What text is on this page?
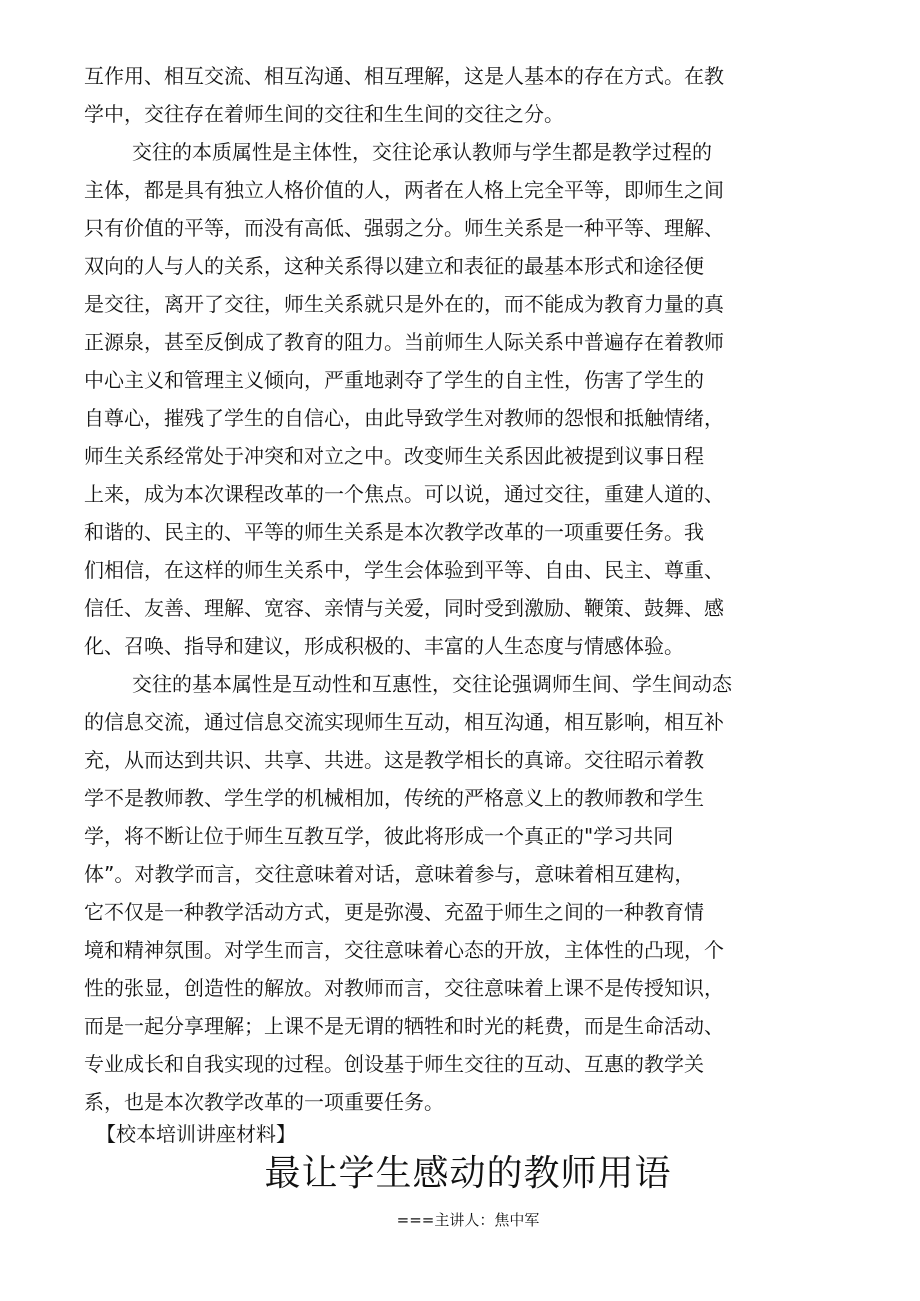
互作用、相互交流、相互沟通、相互理解，这是人基本的存在方式。在教
学中，交往存在着师生间的交往和生生间的交往之分。
交往的本质属性是主体性，交往论承认教师与学生都是教学过程的
主体，都是具有独立人格价值的人，两者在人格上完全平等，即师生之间
只有价值的平等，而没有高低、强弱之分。师生关系是一种平等、理解、
双向的人与人的关系，这种关系得以建立和表征的最基本形式和途径便
是交往，离开了交往，师生关系就只是外在的，而不能成为教育力量的真
正源泉，甚至反倒成了教育的阻力。当前师生人际关系中普遍存在着教师
中心主义和管理主义倾向，严重地剥夺了学生的自主性，伤害了学生的
自尊心，摧残了学生的自信心，由此导致学生对教师的怨恨和抵触情绪，
师生关系经常处于冲突和对立之中。改变师生关系因此被提到议事日程
上来，成为本次课程改革的一个焦点。可以说，通过交往，重建人道的、
和谐的、民主的、平等的师生关系是本次教学改革的一项重要任务。我
们相信，在这样的师生关系中，学生会体验到平等、自由、民主、尊重、
信任、友善、理解、宽容、亲情与关爱，同时受到激励、鞭策、鼓舞、感
化、召唤、指导和建议，形成积极的、丰富的人生态度与情感体验。
交往的基本属性是互动性和互惠性，交往论强调师生间、学生间动态
的信息交流，通过信息交流实现师生互动，相互沟通，相互影响，相互补
充，从而达到共识、共享、共进。这是教学相长的真谛。交往昭示着教
学不是教师教、学生学的机械相加，传统的严格意义上的教师教和学生
学，将不断让位于师生互教互学，彼此将形成一个真正的"学习共同
体”。对教学而言，交往意味着对话，意味着参与，意味着相互建构，
它不仅是一种教学活动方式，更是弥漫、充盈于师生之间的一种教育情
境和精神氛围。对学生而言，交往意味着心态的开放，主体性的凸现，个
性的张显，创造性的解放。对教师而言，交往意味着上课不是传授知识，
而是一起分享理解；上课不是无谓的牺牲和时光的耗费，而是生命活动、
专业成长和自我实现的过程。创设基于师生交往的互动、互惠的教学关
系，也是本次教学改革的一项重要任务。
【校本培训讲座材料】
最让学生感动的教师用语
===主讲人：焦中军
